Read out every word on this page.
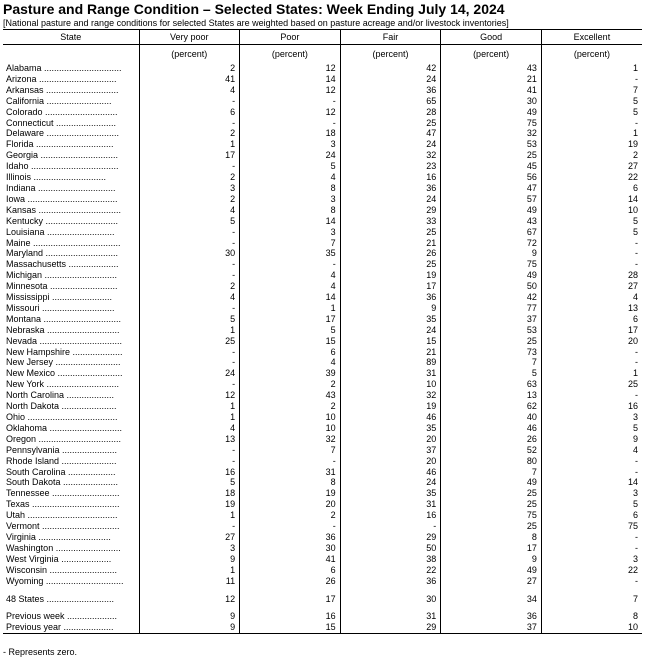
Pasture and Range Condition – Selected States: Week Ending July 14, 2024
[National pasture and range conditions for selected States are weighted based on pasture acreage and/or livestock inventories]
State	Very poor	Poor	Fair	Good	Excellent
	(percent)	(percent)	(percent)	(percent)	(percent)
Alabama ...............................	2	12	42	43	1
Arizona ...............................	41	14	24	21	-
Arkansas .............................	4	12	36	41	7
California ..........................	-	-	65	30	5
Colorado .............................	6	12	28	49	5
Connecticut ........................	-	-	25	75	-
Delaware .............................	2	18	47	32	1
Florida ...............................	1	3	24	53	19
Georgia ...............................	17	24	32	25	2
Idaho ...................................	-	5	23	45	27
Illinois .............................	2	4	16	56	22
Indiana ...............................	3	8	36	47	6
Iowa ....................................	2	3	24	57	14
Kansas .................................	4	8	29	49	10
Kentucky .............................	5	14	33	43	5
Louisiana ...........................	-	3	25	67	5
Maine ...................................	-	7	21	72	-
Maryland .............................	30	35	26	9	-
Massachusetts ....................	-	-	25	75	-
Michigan .............................	-	4	19	49	28
Minnesota ...........................	2	4	17	50	27
Mississippi ........................	4	14	36	42	4
Missouri .............................	-	1	9	77	13
Montana ...............................	5	17	35	37	6
Nebraska .............................	1	5	24	53	17
Nevada .................................	25	15	15	25	20
New Hampshire ....................	-	6	21	73	-
New Jersey ..........................	-	4	89	7	-
New Mexico ..........................	24	39	31	5	1
New York .............................	-	2	10	63	25
North Carolina ...................	12	43	32	13	-
North Dakota ......................	1	2	19	62	16
Ohio ....................................	1	10	46	40	3
Oklahoma .............................	4	10	35	46	5
Oregon .................................	13	32	20	26	9
Pennsylvania ......................	-	7	37	52	4
Rhode Island ......................	-	-	20	80	-
South Carolina ...................	16	31	46	7	-
South Dakota ......................	5	8	24	49	14
Tennessee ...........................	18	19	35	25	3
Texas ...................................	19	20	31	25	5
Utah ....................................	1	2	16	75	6
Vermont ...............................	-	-	-	25	75
Virginia .............................	27	36	29	8	-
Washington ..........................	3	30	50	17	-
West Virginia ....................	9	41	38	9	3
Wisconsin ...........................	1	6	22	49	22
Wyoming ...............................	11	26	36	27	-

48 States ...........................	12	17	30	34	7

Previous week ....................	9	16	31	36	8
Previous year ....................	9	15	29	37	10
- Represents zero.
